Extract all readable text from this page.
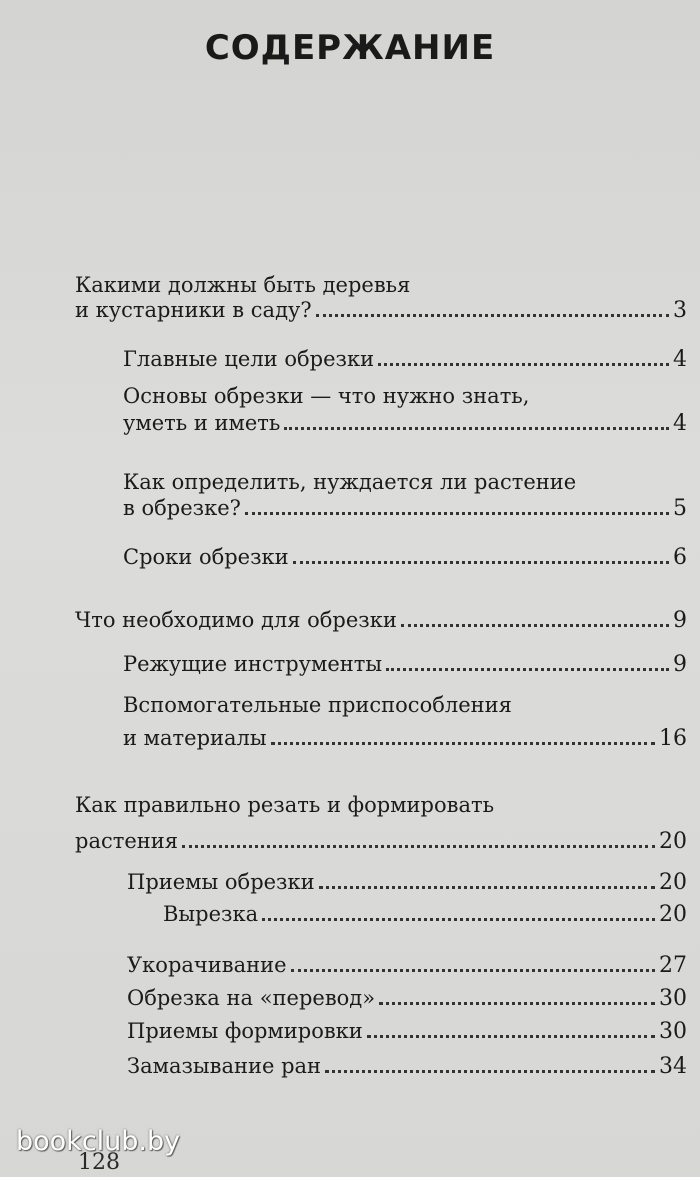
СОДЕРЖАНИЕ
Какими должны быть деревья
и кустарники в саду?	3
Главные цели обрезки	4
Основы обрезки — что нужно знать,
уметь и иметь	4
Как определить, нуждается ли растение
в обрезке?	5
Сроки обрезки	6
Что необходимо для обрезки	9
Режущие инструменты	9
Вспомогательные приспособления
и материалы	16
Как правильно резать и формировать
растения	20
Приемы обрезки	20
Вырезка	20
Укорачивание	27
Обрезка на «перевод»	30
Приемы формировки	30
Замазывание ран	34
128
bookclub.by
